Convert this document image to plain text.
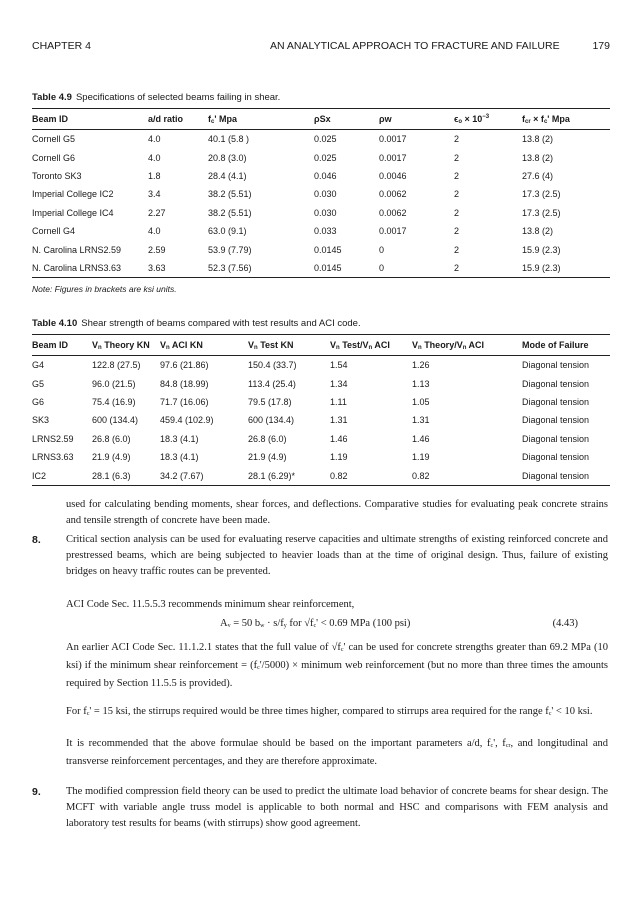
CHAPTER 4	AN ANALYTICAL APPROACH TO FRACTURE AND FAILURE	179
Table 4.9 Specifications of selected beams failing in shear.
Beam ID	a/d ratio	fc' Mpa	ρSx	ρw	$\epsilon o \times 10^{-3}$	fcr × fc' Mpa
Cornell G5	4.0	40.1 (5.8 )	0.025	0.0017	2	13.8 (2)
Cornell G6	4.0	20.8 (3.0)	0.025	0.0017	2	13.8 (2)
Toronto SK3	1.8	28.4 (4.1)	0.046	0.0046	2	27.6 (4)
Imperial College IC2	3.4	38.2 (5.51)	0.030	0.0062	2	17.3 (2.5)
Imperial College IC4	2.27	38.2 (5.51)	0.030	0.0062	2	17.3 (2.5)
Cornell G4	4.0	63.0 (9.1)	0.033	0.0017	2	13.8 (2)
N. Carolina LRNS2.59	2.59	53.9 (7.79)	0.0145	0	2	15.9 (2.3)
N. Carolina LRNS3.63	3.63	52.3 (7.56)	0.0145	0	2	15.9 (2.3)
Note: Figures in brackets are ksi units.
Table 4.10 Shear strength of beams compared with test results and ACI code.
Beam ID	Vn Theory KN	Vn ACI KN	Vn Test KN	Vn Test/Vn ACI	Vn Theory/Vn ACI	Mode of Failure
G4	122.8 (27.5)	97.6 (21.86)	150.4 (33.7)	1.54	1.26	Diagonal tension
G5	96.0 (21.5)	84.8 (18.99)	113.4 (25.4)	1.34	1.13	Diagonal tension
G6	75.4 (16.9)	71.7 (16.06)	79.5 (17.8)	1.11	1.05	Diagonal tension
SK3	600 (134.4)	459.4 (102.9)	600 (134.4)	1.31	1.31	Diagonal tension
LRNS2.59	26.8 (6.0)	18.3 (4.1)	26.8 (6.0)	1.46	1.46	Diagonal tension
LRNS3.63	21.9 (4.9)	18.3 (4.1)	21.9 (4.9)	1.19	1.19	Diagonal tension
IC2	28.1 (6.3)	34.2 (7.67)	28.1 (6.29)*	0.82	0.82	Diagonal tension

used for calculating bending moments, shear forces, and deflections. Comparative studies for evaluating peak concrete strains and tensile strength of concrete have been made.

8. Critical section analysis can be used for evaluating reserve capacities and ultimate strengths of existing reinforced concrete and prestressed beams, which are being subjected to heavier loads than at the time of original design. Thus, failure of existing bridges on heavy traffic routes can be prevented.

ACI Code Sec. 11.5.5.3 recommends minimum shear reinforcement,

Av = 50 bw · s/fy for √fc' < 0.69 MPa (100 psi)	(4.43)

An earlier ACI Code Sec. 11.1.2.1 states that the full value of √fc' can be used for concrete strengths greater than 69.2 MPa (10 ksi) if the minimum shear reinforcement = (fc'/5000) × minimum web reinforcement (but no more than three times the amounts required by Section 11.5.5 is provided).

For fc' = 15 ksi, the stirrups required would be three times higher, compared to stirrups area required for the range fc' < 10 ksi.

It is recommended that the above formulae should be based on the important parameters a/d, fc', fcr, and longitudinal and transverse reinforcement percentages, and they are therefore approximate.

9. The modified compression field theory can be used to predict the ultimate load behavior of concrete beams for shear design. The MCFT with variable angle truss model is applicable to both normal and HSC and comparisons with FEM analysis and laboratory test results for beams (with stirrups) show good agreement.
